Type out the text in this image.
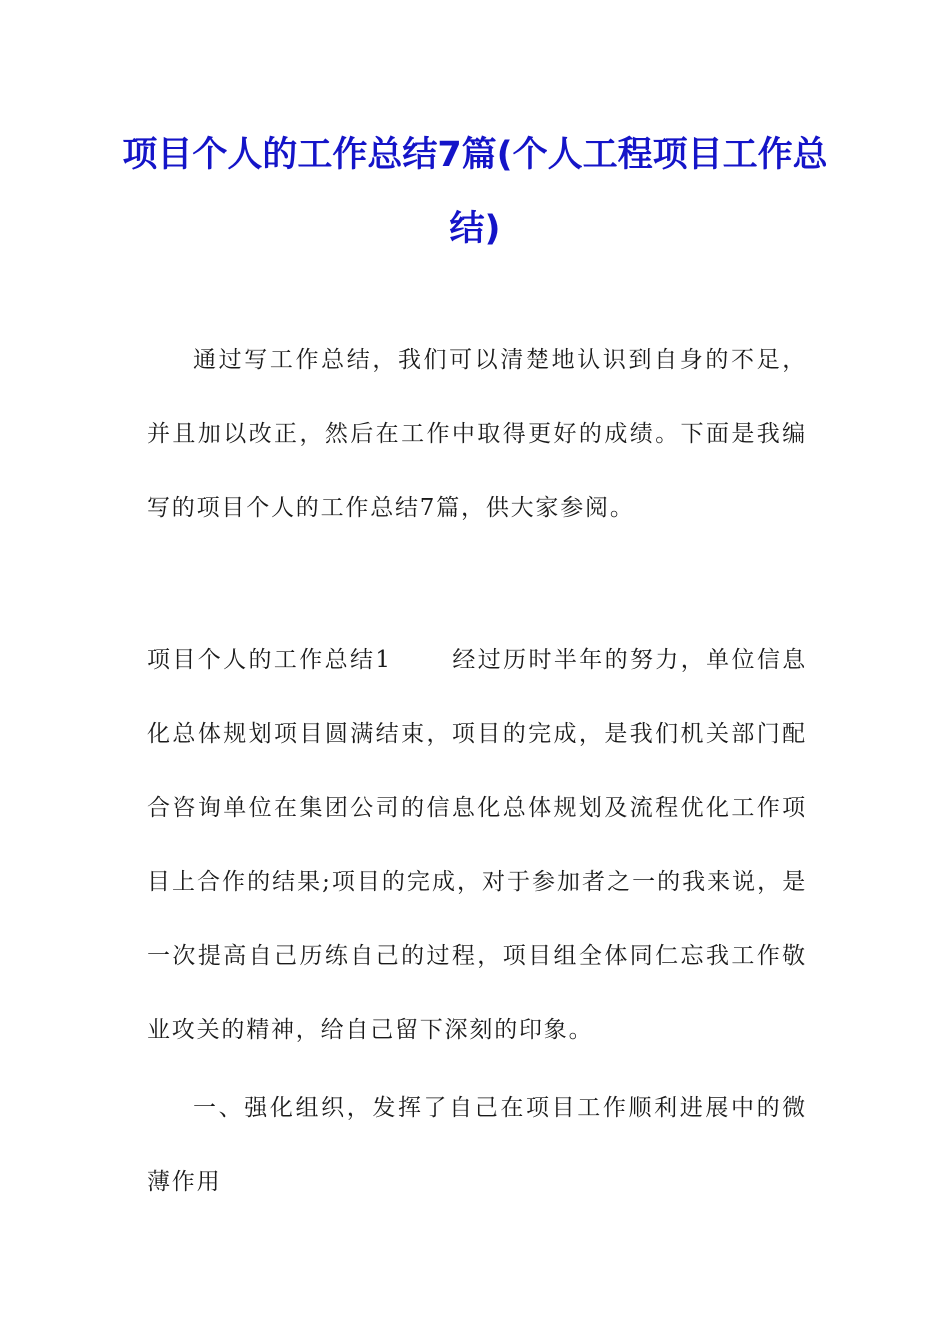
项目个人的工作总结7篇(个人工程项目工作总结)

通过写工作总结，我们可以清楚地认识到自身的不足，并且加以改正，然后在工作中取得更好的成绩。下面是我编写的项目个人的工作总结7篇，供大家参阅。

项目个人的工作总结1	经过历时半年的努力，单位信息化总体规划项目圆满结束，项目的完成，是我们机关部门配合咨询单位在集团公司的信息化总体规划及流程优化工作项目上合作的结果;项目的完成，对于参加者之一的我来说，是一次提高自己历练自己的过程，项目组全体同仁忘我工作敬业攻关的精神，给自己留下深刻的印象。

一、强化组织，发挥了自己在项目工作顺利进展中的微薄作用
